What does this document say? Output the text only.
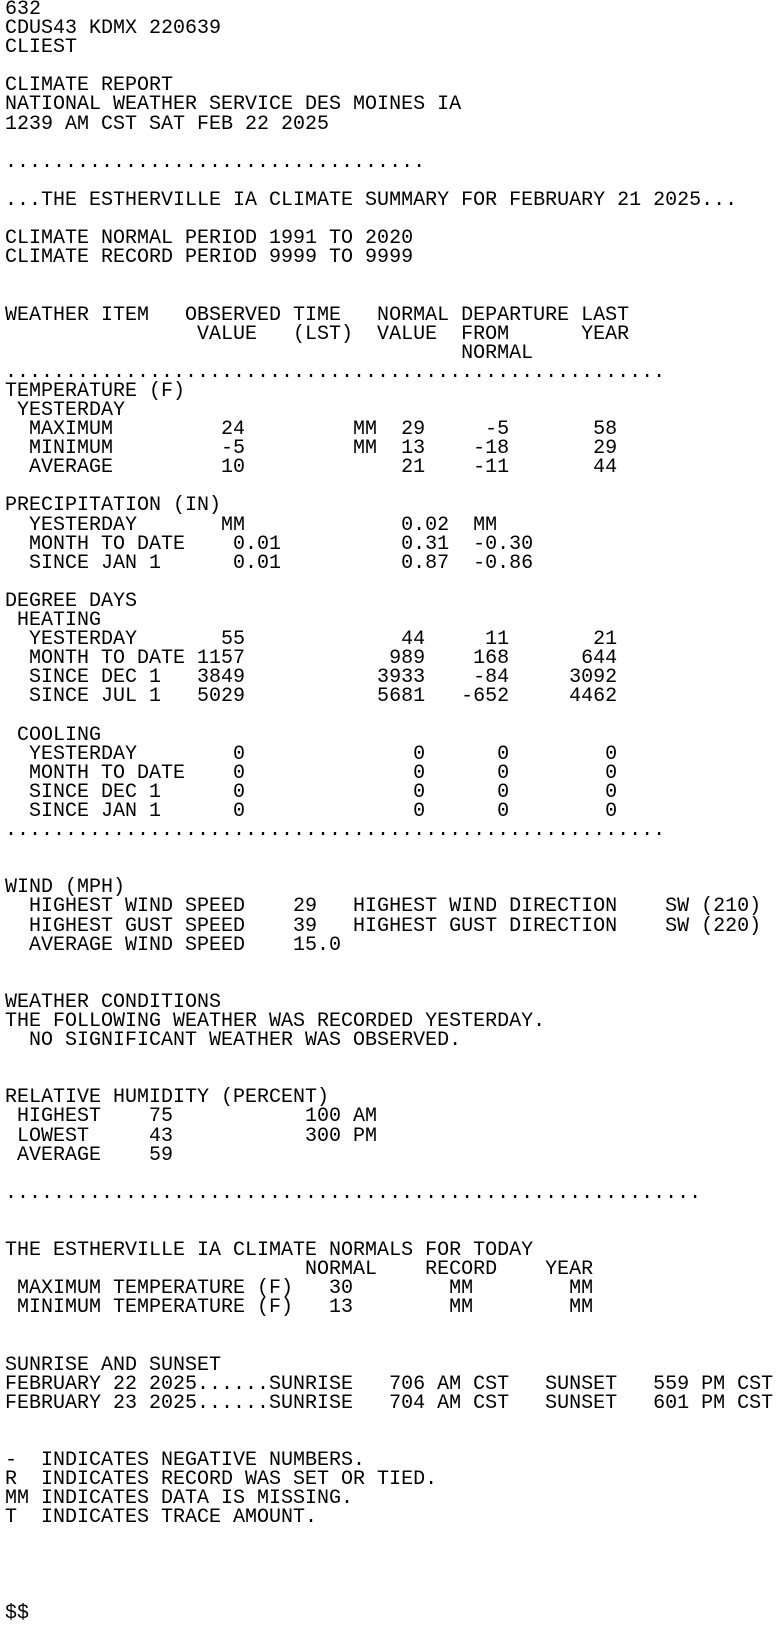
632
CDUS43 KDMX 220639
CLIEST
CLIMATE REPORT
NATIONAL WEATHER SERVICE DES MOINES IA
1239 AM CST SAT FEB 22 2025
...................................
...THE ESTHERVILLE IA CLIMATE SUMMARY FOR FEBRUARY 21 2025...
CLIMATE NORMAL PERIOD 1991 TO 2020
CLIMATE RECORD PERIOD 9999 TO 9999
WEATHER ITEM   OBSERVED TIME   NORMAL DEPARTURE LAST
VALUE   (LST)  VALUE  FROM      YEAR
NORMAL
.......................................................
TEMPERATURE (F)
YESTERDAY
MAXIMUM         24         MM  29     -5       58
MINIMUM         -5         MM  13    -18       29
AVERAGE         10             21    -11       44
PRECIPITATION (IN)
YESTERDAY       MM             0.02  MM
MONTH TO DATE    0.01          0.31  -0.30
SINCE JAN 1      0.01          0.87  -0.86
DEGREE DAYS
HEATING
YESTERDAY       55             44     11       21
MONTH TO DATE 1157            989    168      644
SINCE DEC 1   3849           3933    -84     3092
SINCE JUL 1   5029           5681   -652     4462
COOLING
YESTERDAY        0              0      0        0
MONTH TO DATE    0              0      0        0
SINCE DEC 1      0              0      0        0
SINCE JAN 1      0              0      0        0
.......................................................
WIND (MPH)
HIGHEST WIND SPEED    29   HIGHEST WIND DIRECTION    SW (210)
HIGHEST GUST SPEED    39   HIGHEST GUST DIRECTION    SW (220)
AVERAGE WIND SPEED    15.0
WEATHER CONDITIONS
THE FOLLOWING WEATHER WAS RECORDED YESTERDAY.
NO SIGNIFICANT WEATHER WAS OBSERVED.
RELATIVE HUMIDITY (PERCENT)
HIGHEST    75           100 AM
LOWEST     43           300 PM
AVERAGE    59
..........................................................
THE ESTHERVILLE IA CLIMATE NORMALS FOR TODAY
NORMAL    RECORD    YEAR
MAXIMUM TEMPERATURE (F)   30        MM        MM
MINIMUM TEMPERATURE (F)   13        MM        MM
SUNRISE AND SUNSET
FEBRUARY 22 2025......SUNRISE   706 AM CST   SUNSET   559 PM CST
FEBRUARY 23 2025......SUNRISE   704 AM CST   SUNSET   601 PM CST
-  INDICATES NEGATIVE NUMBERS.
R  INDICATES RECORD WAS SET OR TIED.
MM INDICATES DATA IS MISSING.
T  INDICATES TRACE AMOUNT.
$$
